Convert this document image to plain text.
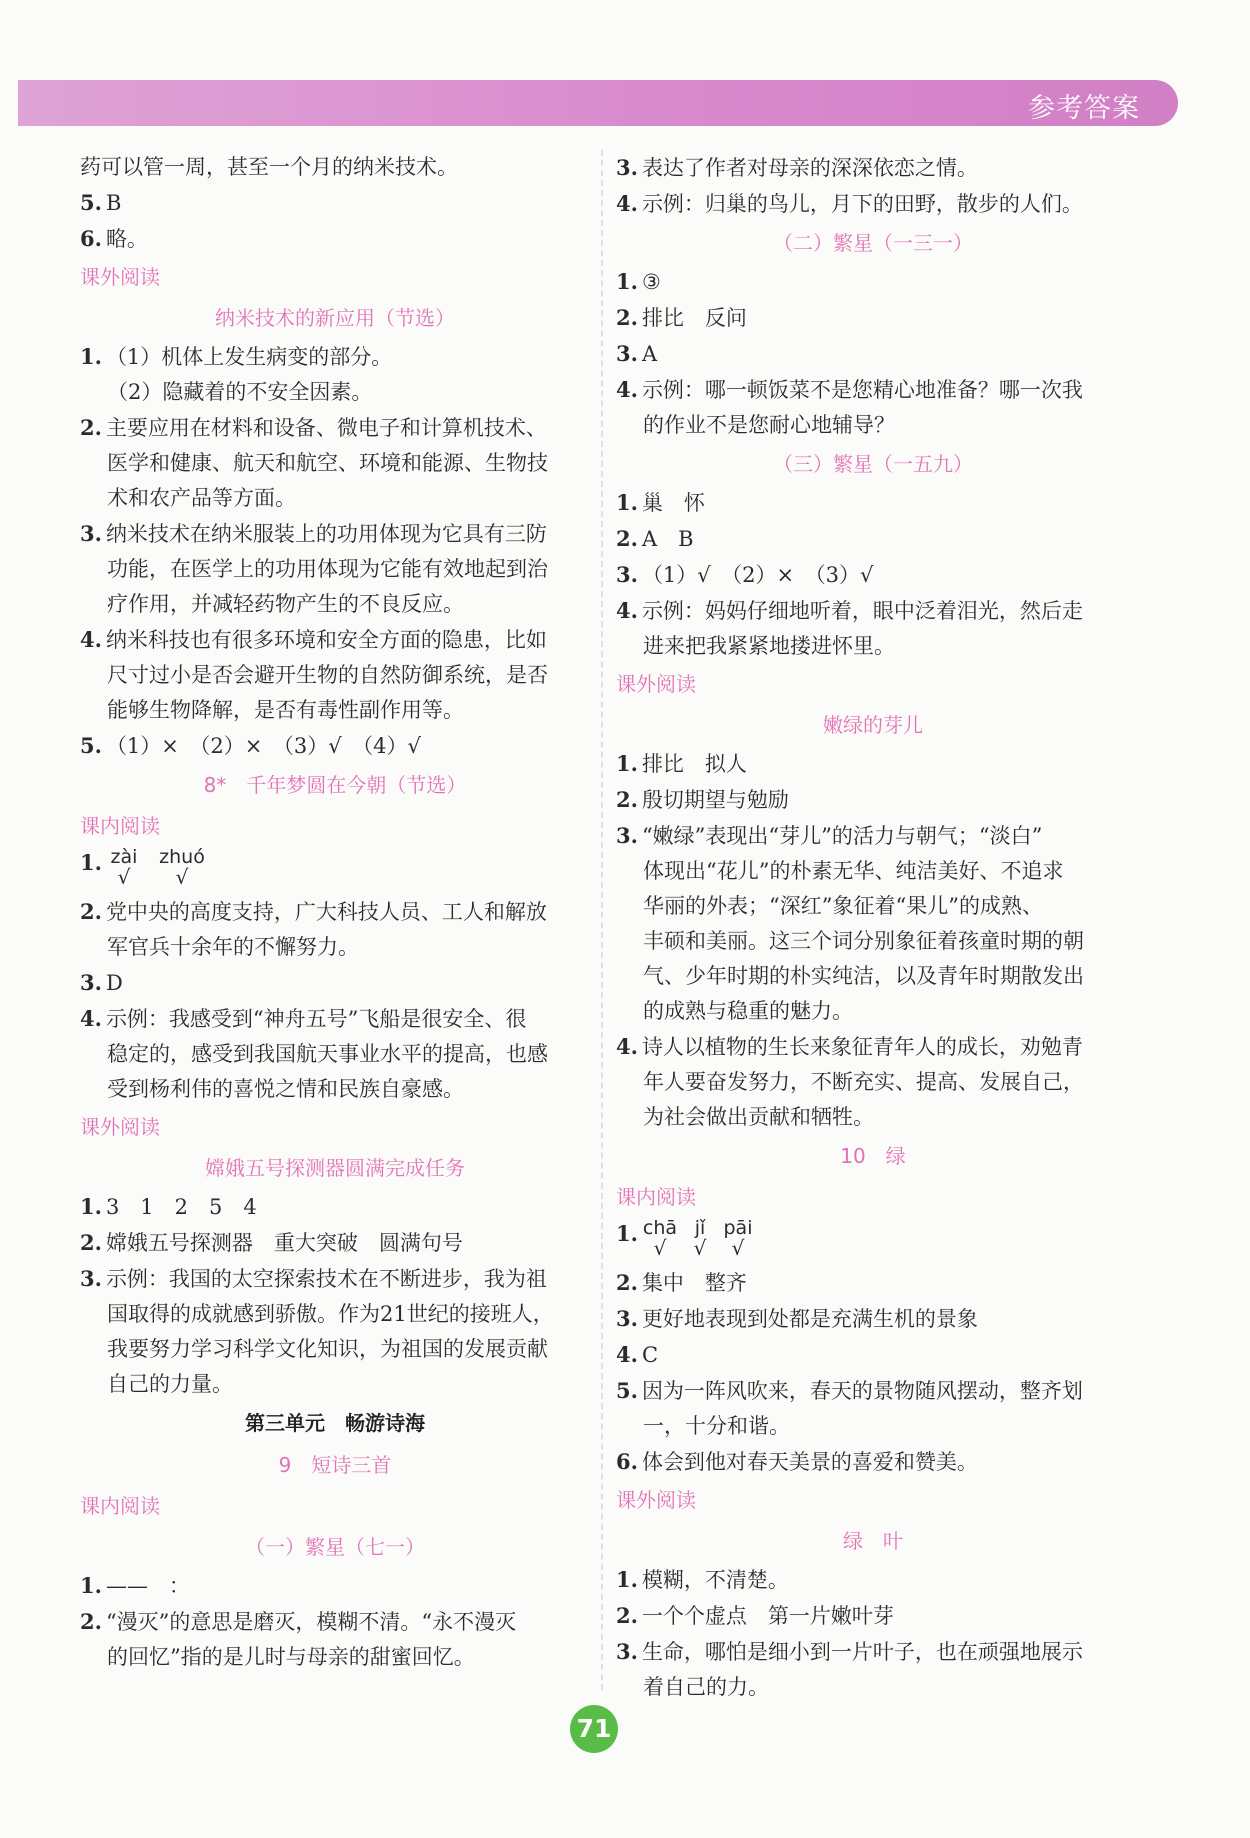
参考答案
药可以管一周，甚至一个月的纳米技术。
5. B
6. 略。
课外阅读
纳米技术的新应用（节选）
1. （1）机体上发生病变的部分。
（2）隐藏着的不安全因素。
2. 主要应用在材料和设备、微电子和计算机技术、
医学和健康、航天和航空、环境和能源、生物技
术和农产品等方面。
3. 纳米技术在纳米服装上的功用体现为它具有三防
功能，在医学上的功用体现为它能有效地起到治
疗作用，并减轻药物产生的不良反应。
4. 纳米科技也有很多环境和安全方面的隐患，比如
尺寸过小是否会避开生物的自然防御系统，是否
能够生物降解，是否有毒性副作用等。
5. （1）×　（2）×　（3）√　（4）√
8*　千年梦圆在今朝（节选）
课内阅读
1. zài
√
zhuó
√
2. 党中央的高度支持，广大科技人员、工人和解放
军官兵十余年的不懈努力。
3. D
4. 示例：我感受到“神舟五号”飞船是很安全、很
稳定的，感受到我国航天事业水平的提高，也感
受到杨利伟的喜悦之情和民族自豪感。
课外阅读
嫦娥五号探测器圆满完成任务
1. 3　1　2　5　4
2. 嫦娥五号探测器　重大突破　圆满句号
3. 示例：我国的太空探索技术在不断进步，我为祖
国取得的成就感到骄傲。作为21世纪的接班人，
我要努力学习科学文化知识，为祖国的发展贡献
自己的力量。
第三单元　畅游诗海
9　短诗三首
课内阅读
（一）繁星（七一）
1. ——　：
2. “漫灭”的意思是磨灭，模糊不清。“永不漫灭
的回忆”指的是儿时与母亲的甜蜜回忆。
3. 表达了作者对母亲的深深依恋之情。
4. 示例：归巢的鸟儿，月下的田野，散步的人们。
（二）繁星（一三一）
1. ③
2. 排比　反问
3. A
4. 示例：哪一顿饭菜不是您精心地准备？哪一次我
的作业不是您耐心地辅导？
（三）繁星（一五九）
1. 巢　怀
2. A　B
3. （1）√　（2）×　（3）√
4. 示例：妈妈仔细地听着，眼中泛着泪光，然后走
进来把我紧紧地搂进怀里。
课外阅读
嫩绿的芽儿
1. 排比　拟人
2. 殷切期望与勉励
3. “嫩绿”表现出“芽儿”的活力与朝气；“淡白”
体现出“花儿”的朴素无华、纯洁美好、不追求
华丽的外表；“深红”象征着“果儿”的成熟、
丰硕和美丽。这三个词分别象征着孩童时期的朝
气、少年时期的朴实纯洁，以及青年时期散发出
的成熟与稳重的魅力。
4. 诗人以植物的生长来象征青年人的成长，劝勉青
年人要奋发努力，不断充实、提高、发展自己，
为社会做出贡献和牺牲。
10　绿
课内阅读
1. chā
√
jǐ
√
pāi
√
2. 集中　整齐
3. 更好地表现到处都是充满生机的景象
4. C
5. 因为一阵风吹来，春天的景物随风摆动，整齐划
一，十分和谐。
6. 体会到他对春天美景的喜爱和赞美。
课外阅读
绿　叶
1. 模糊，不清楚。
2. 一个个虚点　第一片嫩叶芽
3. 生命，哪怕是细小到一片叶子，也在顽强地展示
着自己的力。
71
